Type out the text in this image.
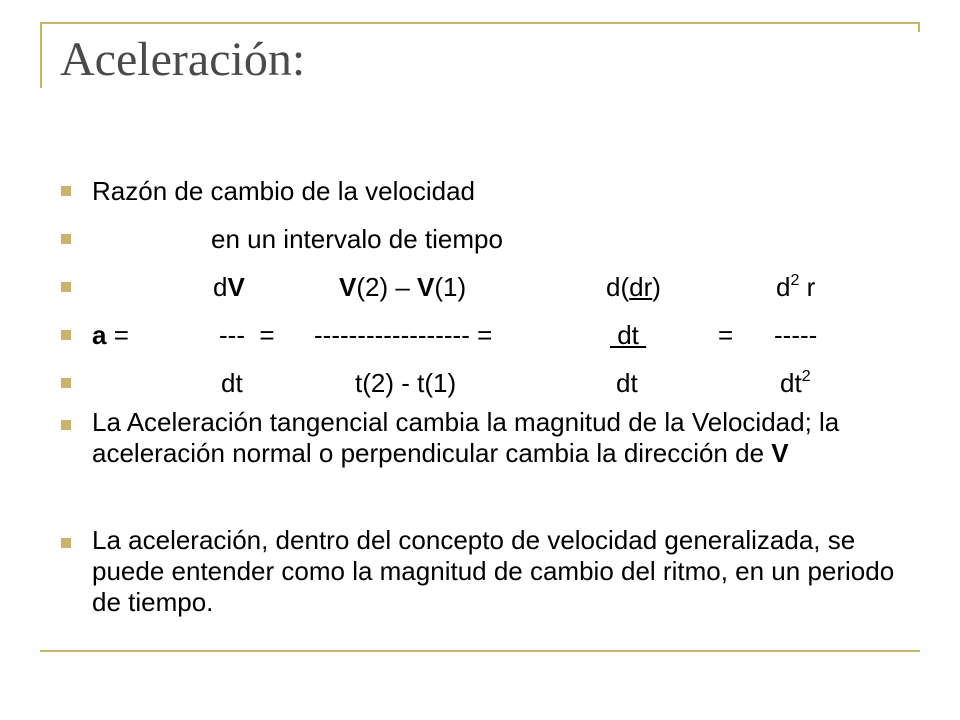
Aceleración:

Razón de cambio de la velocidad

en un intervalo de tiempo

dV	V(2) – V(1)	d(dr)	$d^2$ r

a =	---  = ------------------ =	dt	= -----

dt	t(2) - t(1)	dt	$dt^2$

La Aceleración tangencial cambia la magnitud de la Velocidad; la aceleración normal o perpendicular cambia la dirección de V

La aceleración, dentro del concepto de velocidad generalizada, se puede entender como la magnitud de cambio del ritmo, en un periodo de tiempo.
